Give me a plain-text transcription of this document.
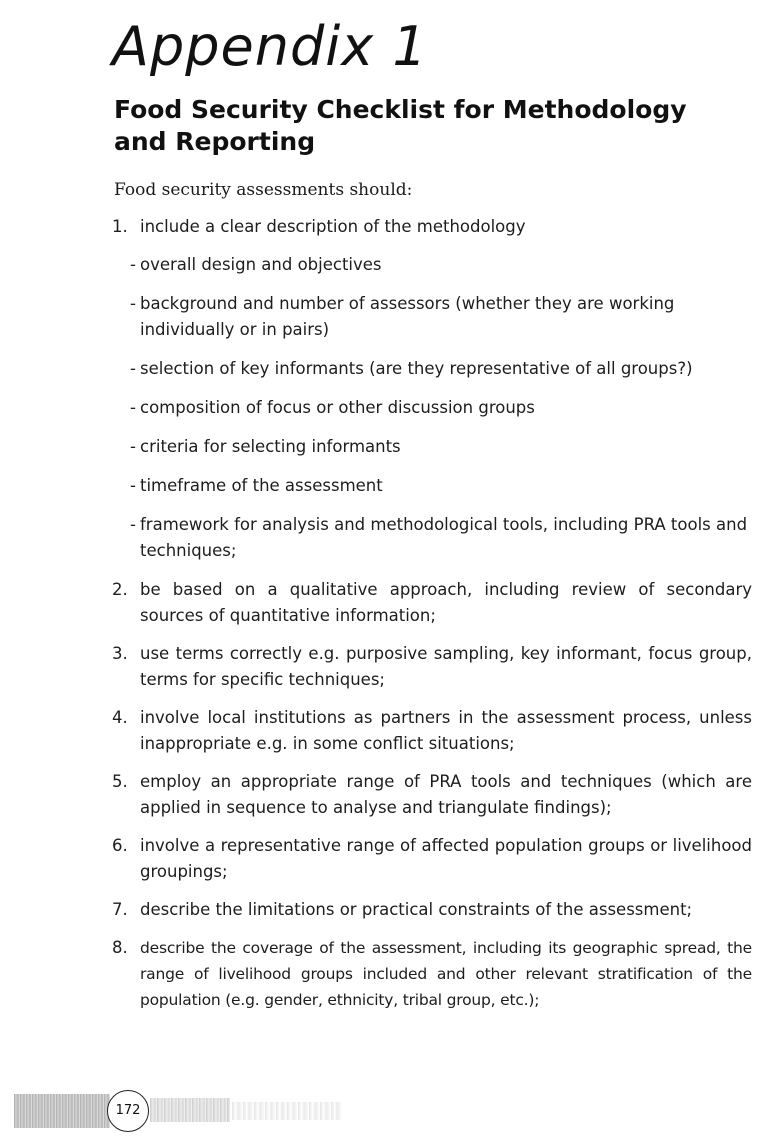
Appendix 1
Food Security Checklist for Methodology and Reporting

Food security assessments should:

1. include a clear description of the methodology
- overall design and objectives
- background and number of assessors (whether they are working individually or in pairs)
- selection of key informants (are they representative of all groups?)
- composition of focus or other discussion groups
- criteria for selecting informants
- timeframe of the assessment
- framework for analysis and methodological tools, including PRA tools and techniques;
2. be based on a qualitative approach, including review of secondary sources of quantitative information;
3. use terms correctly e.g. purposive sampling, key informant, focus group, terms for specific techniques;
4. involve local institutions as partners in the assessment process, unless inappropriate e.g. in some conflict situations;
5. employ an appropriate range of PRA tools and techniques (which are applied in sequence to analyse and triangulate findings);
6. involve a representative range of affected population groups or livelihood groupings;
7. describe the limitations or practical constraints of the assessment;
8. describe the coverage of the assessment, including its geographic spread, the range of livelihood groups included and other relevant stratification of the population (e.g. gender, ethnicity, tribal group, etc.);
172
